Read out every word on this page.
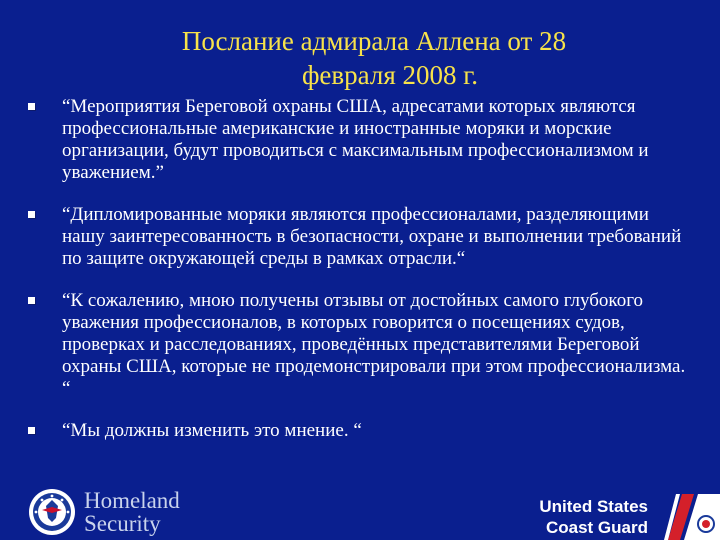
Послание адмирала Аллена от 28
февраля 2008 г.
“Мероприятия Береговой охраны США, адресатами которых являются профессиональные американские и иностранные моряки и морские организации, будут проводиться с максимальным профессионализмом и уважением.”
“Дипломированные моряки являются профессионалами, разделяющими нашу заинтересованность в безопасности, охране и выполнении требований по защите окружающей среды в рамках отрасли.“
“К сожалению, мною получены отзывы от достойных самого глубокого уважения профессионалов, в которых говорится о посещениях судов, проверках и расследованиях, проведённых представителями Береговой охраны США, которые не продемонстрировали при этом профессионализма. “
“Мы должны изменить это мнение. “
Homeland
Security
United States
Coast Guard
